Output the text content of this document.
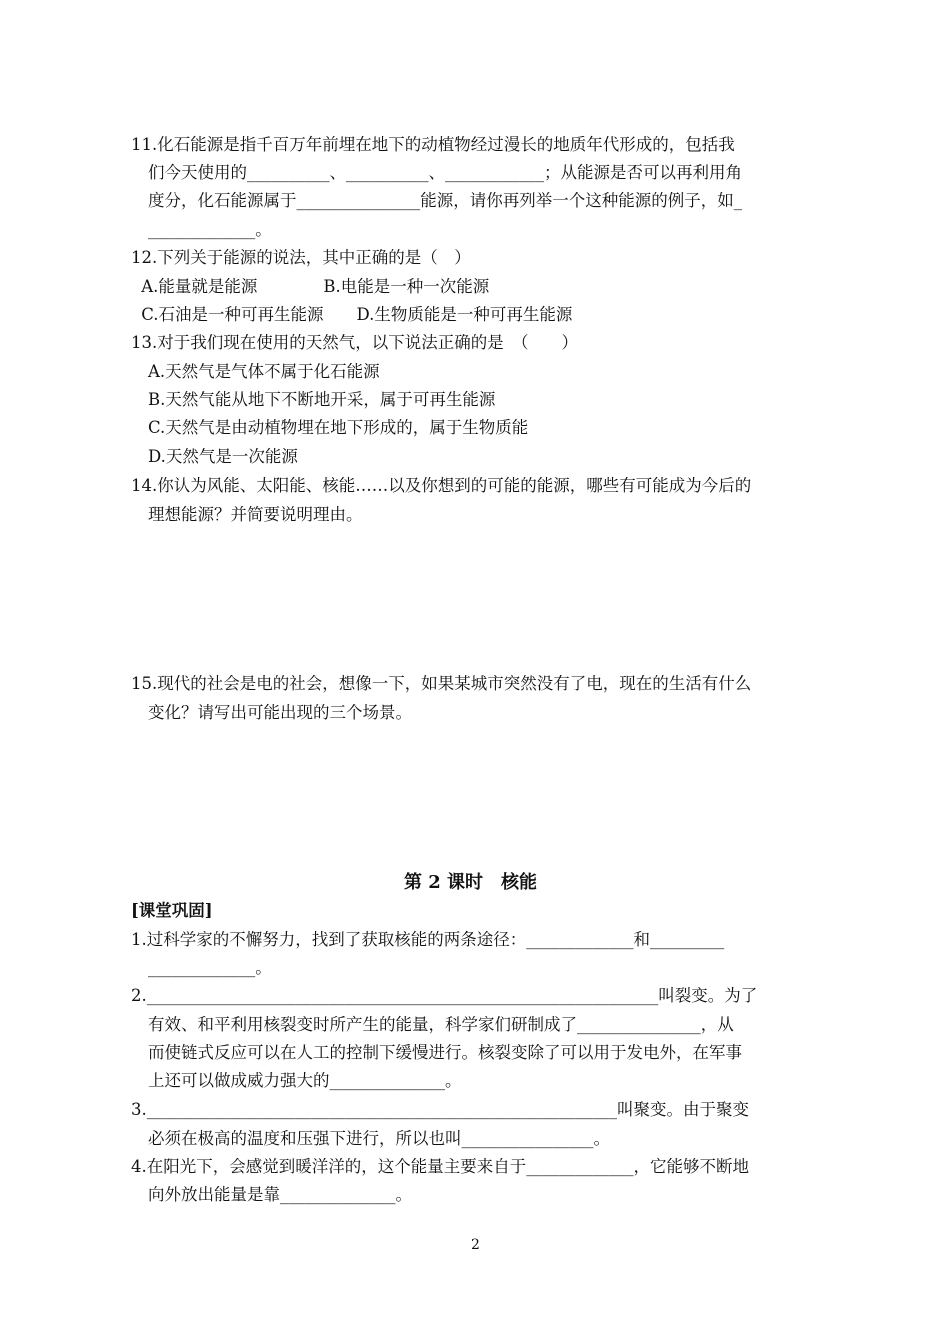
11.化石能源是指千百万年前埋在地下的动植物经过漫长的地质年代形成的，包括我
们今天使用的__________、__________、____________；从能源是否可以再利用角
度分，化石能源属于_______________能源，请你再列举一个这种能源的例子，如_
_____________。
12.下列关于能源的说法，其中正确的是（　）
A.能量就是能源　　　　B.电能是一种一次能源
C.石油是一种可再生能源　　D.生物质能是一种可再生能源
13.对于我们现在使用的天然气，以下说法正确的是　（　　）
A.天然气是气体不属于化石能源
B.天然气能从地下不断地开采，属于可再生能源
C.天然气是由动植物埋在地下形成的，属于生物质能
D.天然气是一次能源
14.你认为风能、太阳能、核能……以及你想到的可能的能源，哪些有可能成为今后的
理想能源？并简要说明理由。
15.现代的社会是电的社会，想像一下，如果某城市突然没有了电，现在的生活有什么
变化？请写出可能出现的三个场景。
第 2 课时　核能
[课堂巩固]
1.过科学家的不懈努力，找到了获取核能的两条途径：_____________和_________
_____________。
2.______________________________________________________________叫裂变。为了
有效、和平利用核裂变时所产生的能量，科学家们研制成了_______________，从
而使链式反应可以在人工的控制下缓慢进行。核裂变除了可以用于发电外，在军事
上还可以做成威力强大的______________。
3._________________________________________________________叫聚变。由于聚变
必须在极高的温度和压强下进行，所以也叫________________。
4.在阳光下，会感觉到暖洋洋的，这个能量主要来自于_____________，它能够不断地
向外放出能量是靠______________。
2
